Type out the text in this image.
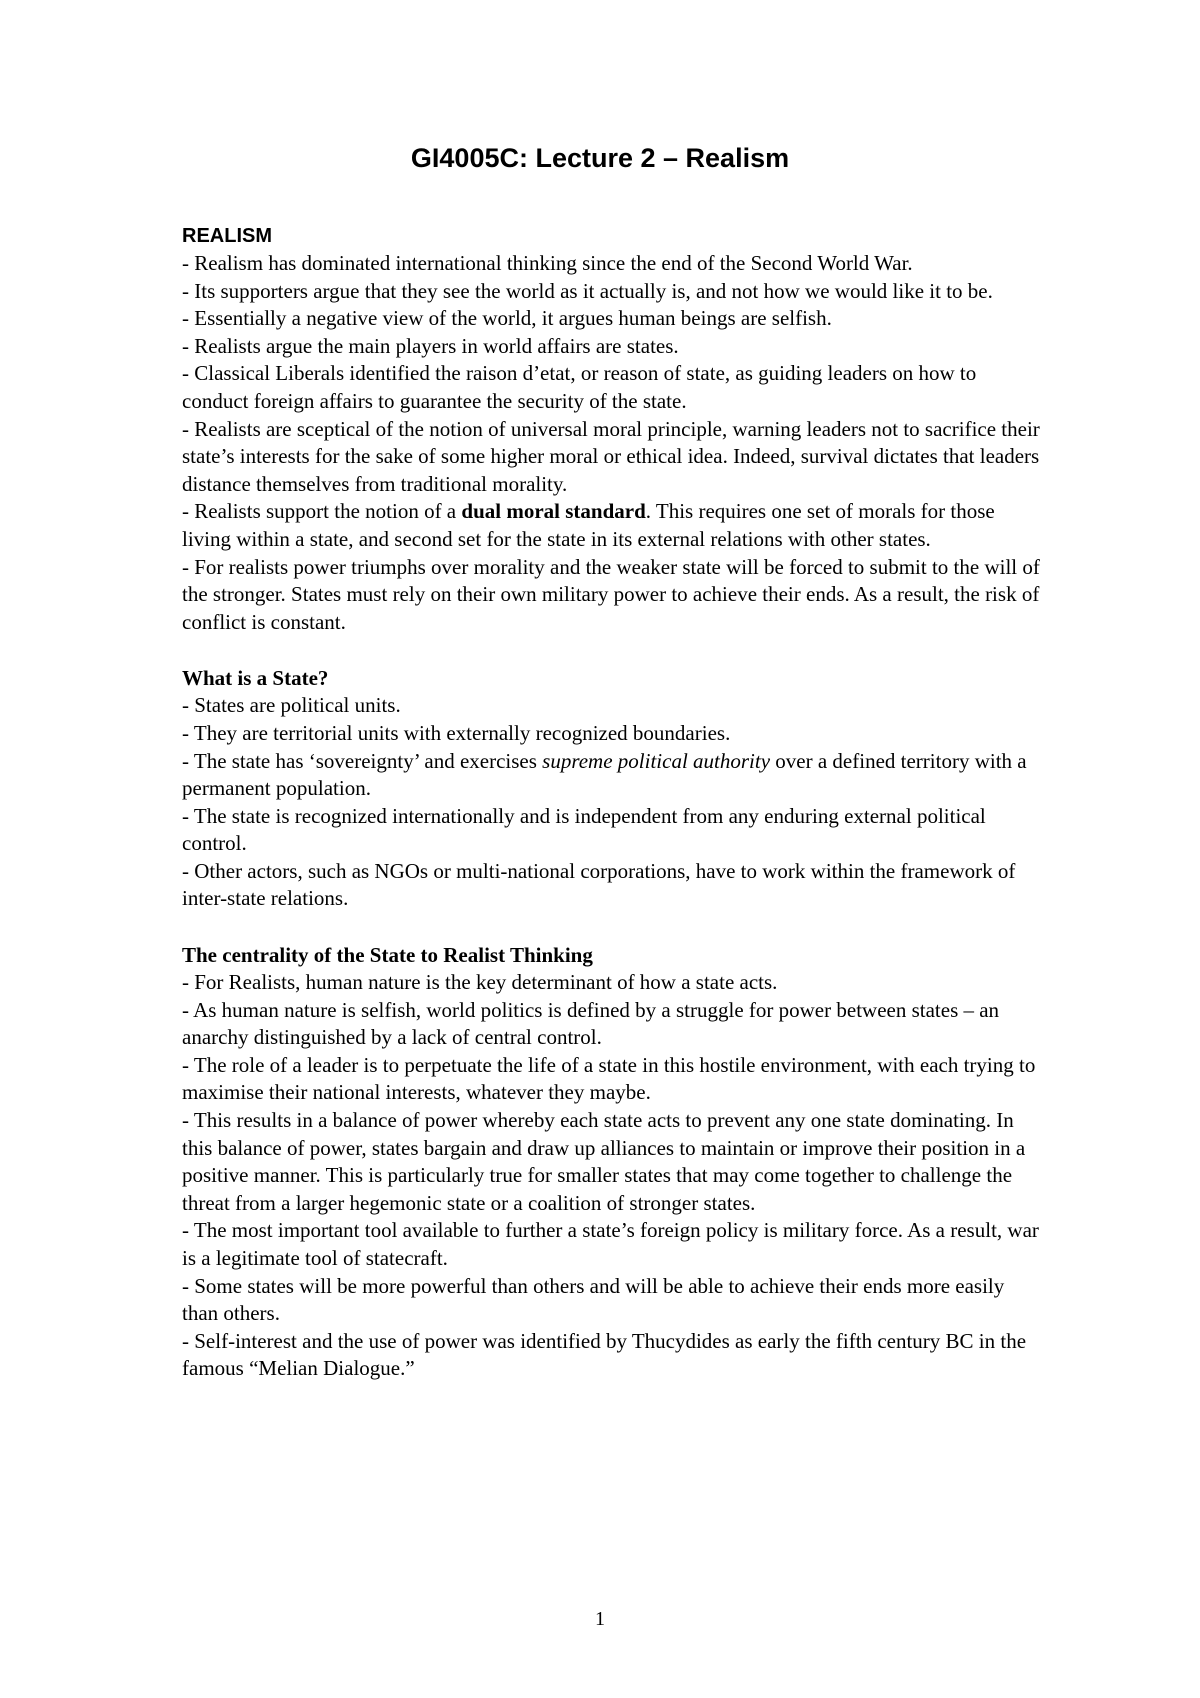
GI4005C: Lecture 2 – Realism
REALISM

- Realism has dominated international thinking since the end of the Second World War.

- Its supporters argue that they see the world as it actually is, and not how we would like it to be.

- Essentially a negative view of the world, it argues human beings are selfish.

- Realists argue the main players in world affairs are states.

- Classical Liberals identified the raison d’etat, or reason of state, as guiding leaders on how to conduct foreign affairs to guarantee the security of the state.

- Realists are sceptical of the notion of universal moral principle, warning leaders not to sacrifice their state’s interests for the sake of some higher moral or ethical idea. Indeed, survival dictates that leaders distance themselves from traditional morality.

- Realists support the notion of a dual moral standard. This requires one set of morals for those living within a state, and second set for the state in its external relations with other states.

- For realists power triumphs over morality and the weaker state will be forced to submit to the will of the stronger. States must rely on their own military power to achieve their ends. As a result, the risk of conflict is constant.

What is a State?

- States are political units.

- They are territorial units with externally recognized boundaries.

- The state has ‘sovereignty’ and exercises supreme political authority over a defined territory with a permanent population.

- The state is recognized internationally and is independent from any enduring external political control.

- Other actors, such as NGOs or multi-national corporations, have to work within the framework of inter-state relations.

The centrality of the State to Realist Thinking

- For Realists, human nature is the key determinant of how a state acts.

- As human nature is selfish, world politics is defined by a struggle for power between states – an anarchy distinguished by a lack of central control.

- The role of a leader is to perpetuate the life of a state in this hostile environment, with each trying to maximise their national interests, whatever they maybe.

- This results in a balance of power whereby each state acts to prevent any one state dominating. In this balance of power, states bargain and draw up alliances to maintain or improve their position in a positive manner. This is particularly true for smaller states that may come together to challenge the threat from a larger hegemonic state or a coalition of stronger states.

- The most important tool available to further a state’s foreign policy is military force. As a result, war is a legitimate tool of statecraft.

- Some states will be more powerful than others and will be able to achieve their ends more easily than others.

- Self-interest and the use of power was identified by Thucydides as early the fifth century BC in the famous “Melian Dialogue.”

1
